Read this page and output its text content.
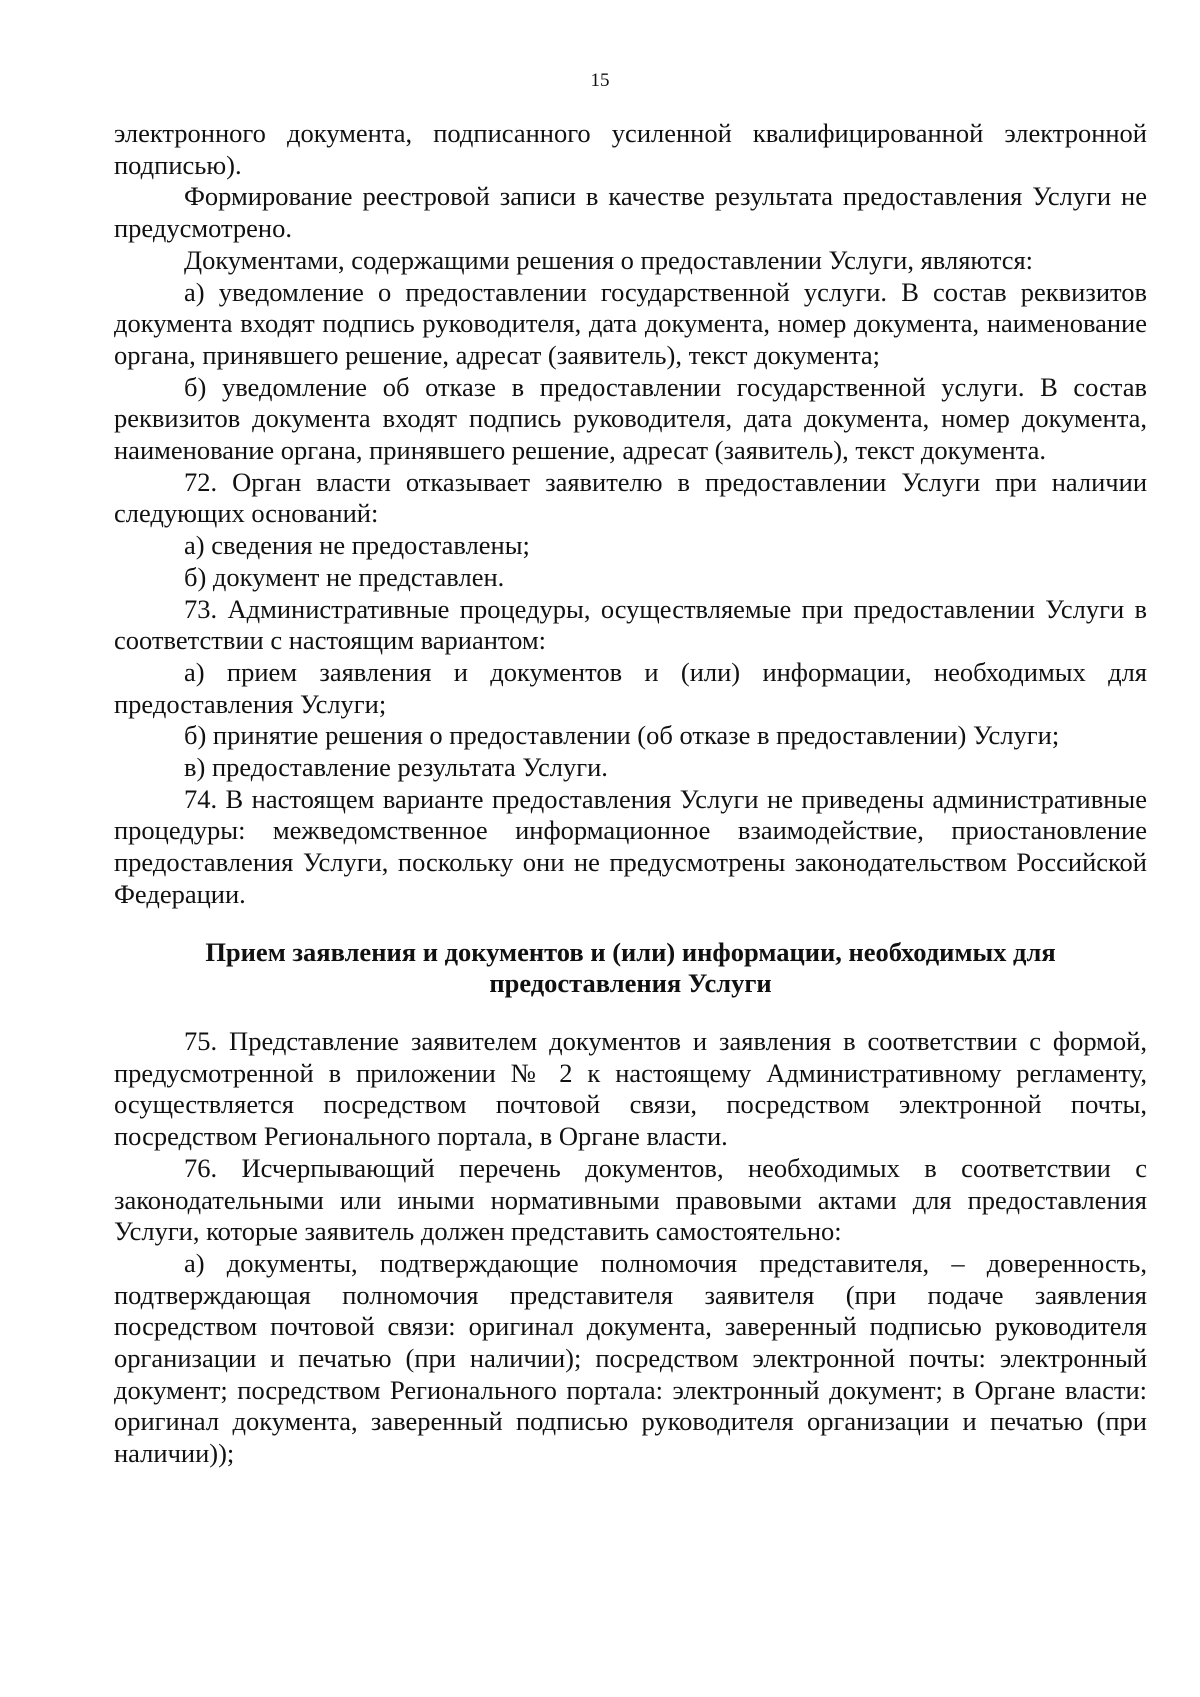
15

электронного документа, подписанного усиленной квалифицированной электронной подписью).

Формирование реестровой записи в качестве результата предоставления Услуги не предусмотрено.

Документами, содержащими решения о предоставлении Услуги, являются:

а) уведомление о предоставлении государственной услуги. В состав реквизитов документа входят подпись руководителя, дата документа, номер документа, наименование органа, принявшего решение, адресат (заявитель), текст документа;

б) уведомление об отказе в предоставлении государственной услуги. В состав реквизитов документа входят подпись руководителя, дата документа, номер документа, наименование органа, принявшего решение, адресат (заявитель), текст документа.

72. Орган власти отказывает заявителю в предоставлении Услуги при наличии следующих оснований:

а) сведения не предоставлены;

б) документ не представлен.

73. Административные процедуры, осуществляемые при предоставлении Услуги в соответствии с настоящим вариантом:

а) прием заявления и документов и (или) информации, необходимых для предоставления Услуги;

б) принятие решения о предоставлении (об отказе в предоставлении) Услуги;

в) предоставление результата Услуги.

74. В настоящем варианте предоставления Услуги не приведены административные процедуры: межведомственное информационное взаимодействие, приостановление предоставления Услуги, поскольку они не предусмотрены законодательством Российской Федерации.

Прием заявления и документов и (или) информации, необходимых для
предоставления Услуги

75. Представление заявителем документов и заявления в соответствии с формой, предусмотренной в приложении № 2 к настоящему Административному регламенту, осуществляется посредством почтовой связи, посредством электронной почты, посредством Регионального портала, в Органе власти.

76. Исчерпывающий перечень документов, необходимых в соответствии с законодательными или иными нормативными правовыми актами для предоставления Услуги, которые заявитель должен представить самостоятельно:

а) документы, подтверждающие полномочия представителя, – доверенность, подтверждающая полномочия представителя заявителя (при подаче заявления посредством почтовой связи: оригинал документа, заверенный подписью руководителя организации и печатью (при наличии); посредством электронной почты: электронный документ; посредством Регионального портала: электронный документ; в Органе власти: оригинал документа, заверенный подписью руководителя организации и печатью (при наличии));
